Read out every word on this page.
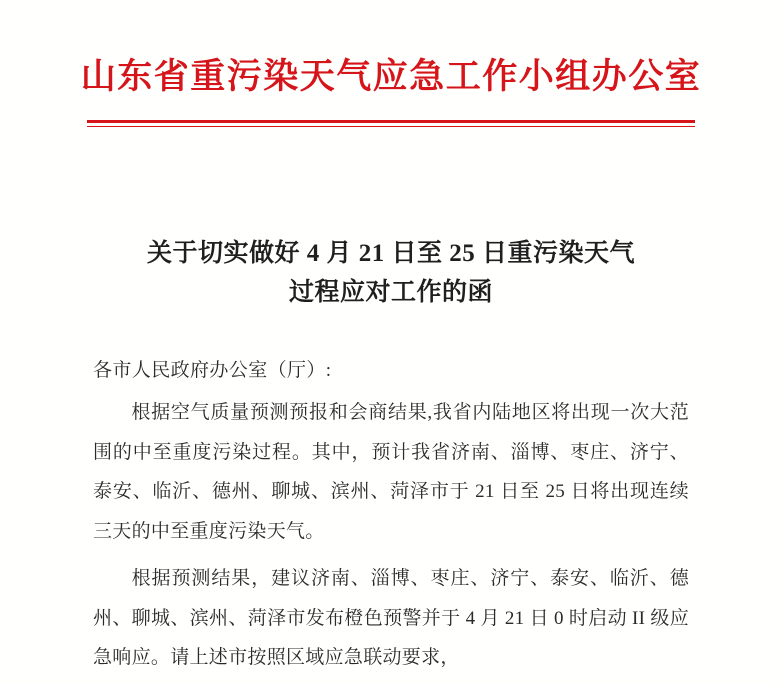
山东省重污染天气应急工作小组办公室
关于切实做好 4 月 21 日至 25 日重污染天气
过程应对工作的函
各市人民政府办公室（厅）:
根据空气质量预测预报和会商结果,我省内陆地区将出现一次大范围的中至重度污染过程。其中，预计我省济南、淄博、枣庄、济宁、泰安、临沂、德州、聊城、滨州、菏泽市于 21 日至 25 日将出现连续三天的中至重度污染天气。
根据预测结果，建议济南、淄博、枣庄、济宁、泰安、临沂、德州、聊城、滨州、菏泽市发布橙色预警并于 4 月 21 日 0 时启动 II 级应急响应。请上述市按照区域应急联动要求，
